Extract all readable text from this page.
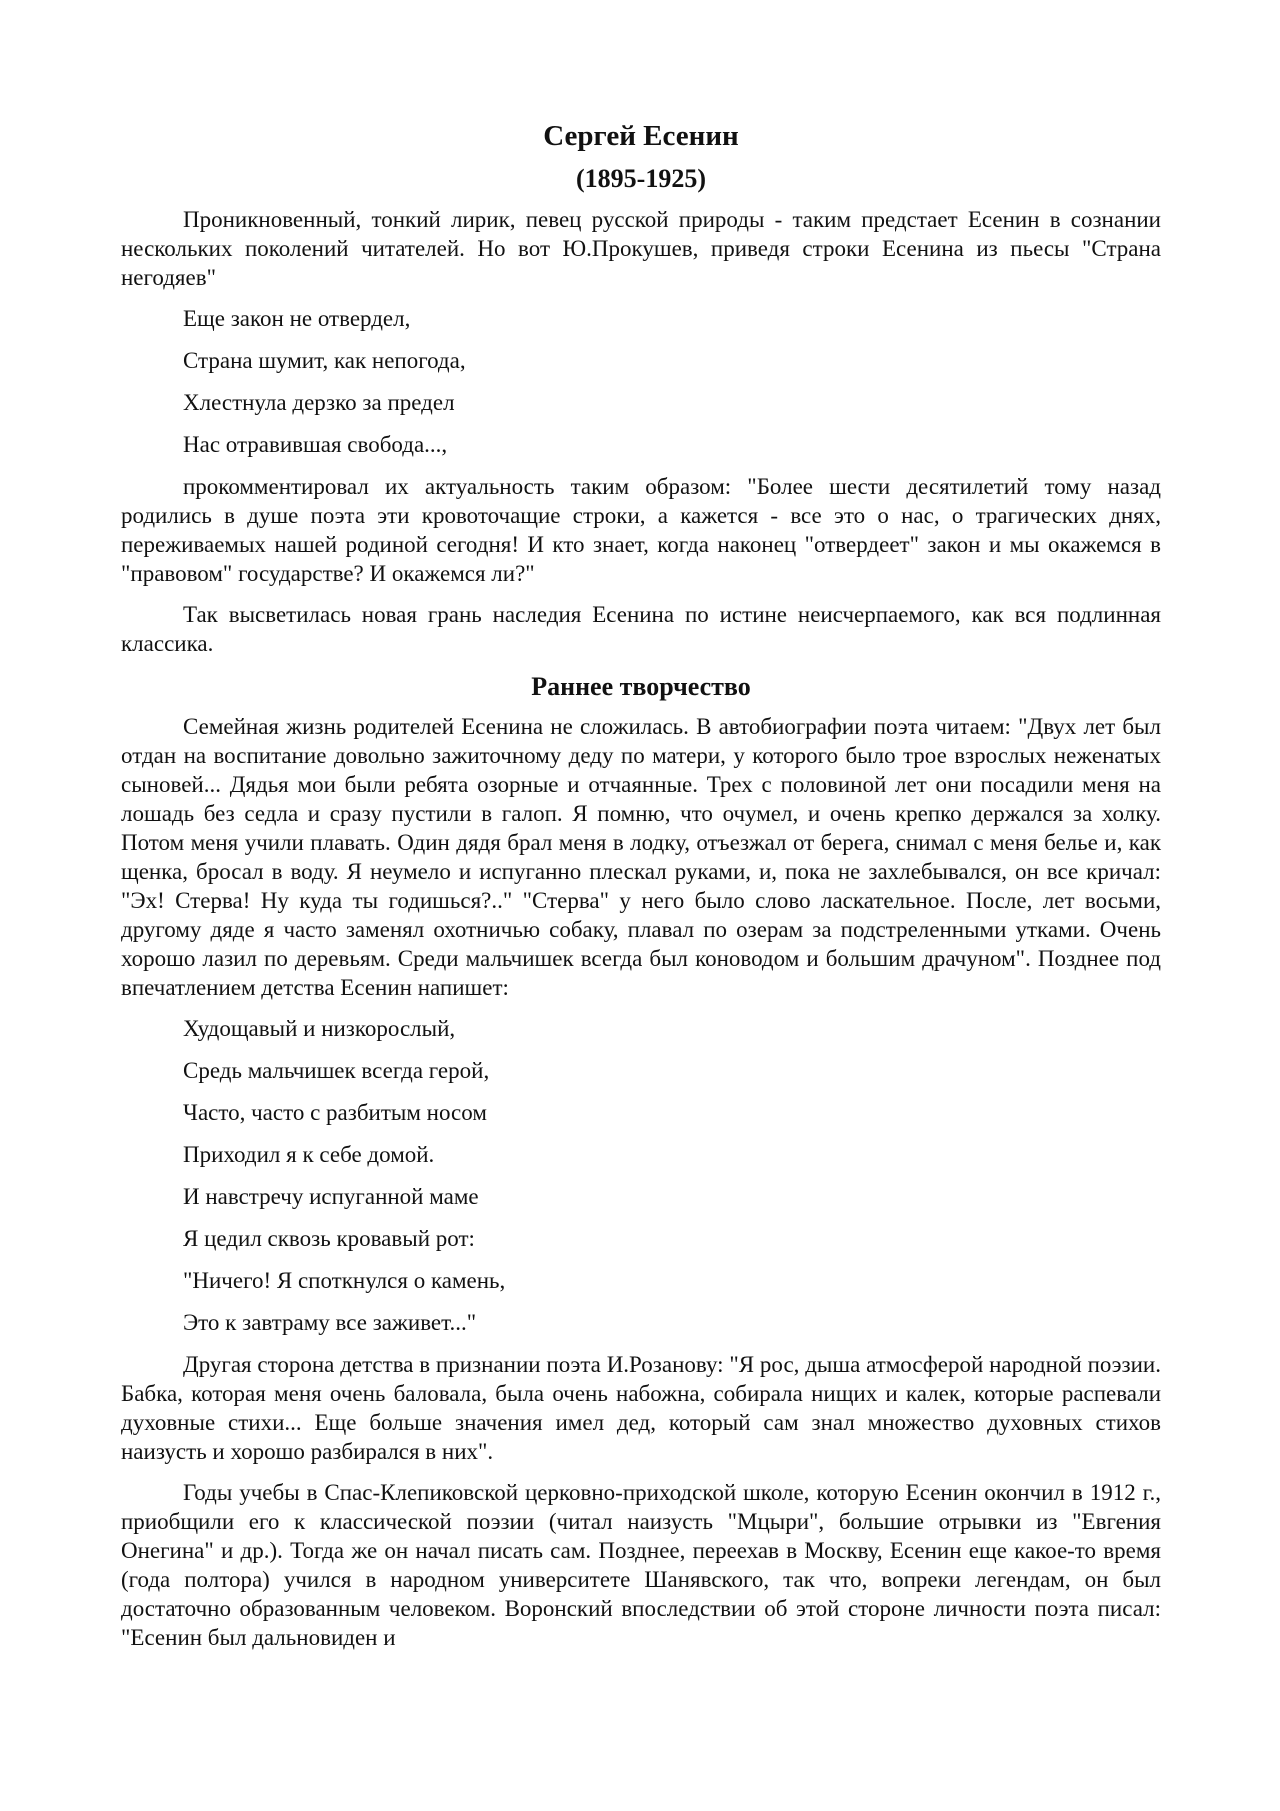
Сергей Есенин
(1895-1925)

Проникновенный, тонкий лирик, певец русской природы - таким предстает Есенин в сознании нескольких поколений читателей. Но вот Ю.Прокушев, приведя строки Есенина из пьесы "Страна негодяев"

Еще закон не отвердел,

Страна шумит, как непогода,

Хлестнула дерзко за предел

Нас отравившая свобода...,

прокомментировал их актуальность таким образом: "Более шести десятилетий тому назад родились в душе поэта эти кровоточащие строки, а кажется - все это о нас, о трагических днях, переживаемых нашей родиной сегодня! И кто знает, когда наконец "отвердеет" закон и мы окажемся в "правовом" государстве? И окажемся ли?"

Так высветилась новая грань наследия Есенина по истине неисчерпаемого, как вся подлинная классика.

Раннее творчество

Семейная жизнь родителей Есенина не сложилась. В автобиографии поэта читаем: "Двух лет был отдан на воспитание довольно зажиточному деду по матери, у которого было трое взрослых неженатых сыновей... Дядья мои были ребята озорные и отчаянные. Трех с половиной лет они посадили меня на лошадь без седла и сразу пустили в галоп. Я помню, что очумел, и очень крепко держался за холку. Потом меня учили плавать. Один дядя брал меня в лодку, отъезжал от берега, снимал с меня белье и, как щенка, бросал в воду. Я неумело и испуганно плескал руками, и, пока не захлебывался, он все кричал: "Эх! Стерва! Ну куда ты годишься?.." "Стерва" у него было слово ласкательное. После, лет восьми, другому дяде я часто заменял охотничью собаку, плавал по озерам за подстреленными утками. Очень хорошо лазил по деревьям. Среди мальчишек всегда был коноводом и большим драчуном". Позднее под впечатлением детства Есенин напишет:

Худощавый и низкорослый,

Средь мальчишек всегда герой,

Часто, часто с разбитым носом

Приходил я к себе домой.

И навстречу испуганной маме

Я цедил сквозь кровавый рот:

"Ничего! Я споткнулся о камень,

Это к завтраму все заживет..."

Другая сторона детства в признании поэта И.Розанову: "Я рос, дыша атмосферой народной поэзии. Бабка, которая меня очень баловала, была очень набожна, собирала нищих и калек, которые распевали духовные стихи... Еще больше значения имел дед, который сам знал множество духовных стихов наизусть и хорошо разбирался в них".

Годы учебы в Спас-Клепиковской церковно-приходской школе, которую Есенин окончил в 1912 г., приобщили его к классической поэзии (читал наизусть "Мцыри", большие отрывки из "Евгения Онегина" и др.). Тогда же он начал писать сам. Позднее, переехав в Москву, Есенин еще какое-то время (года полтора) учился в народном университете Шанявского, так что, вопреки легендам, он был достаточно образованным человеком. Воронский впоследствии об этой стороне личности поэта писал: "Есенин был дальновиден и
